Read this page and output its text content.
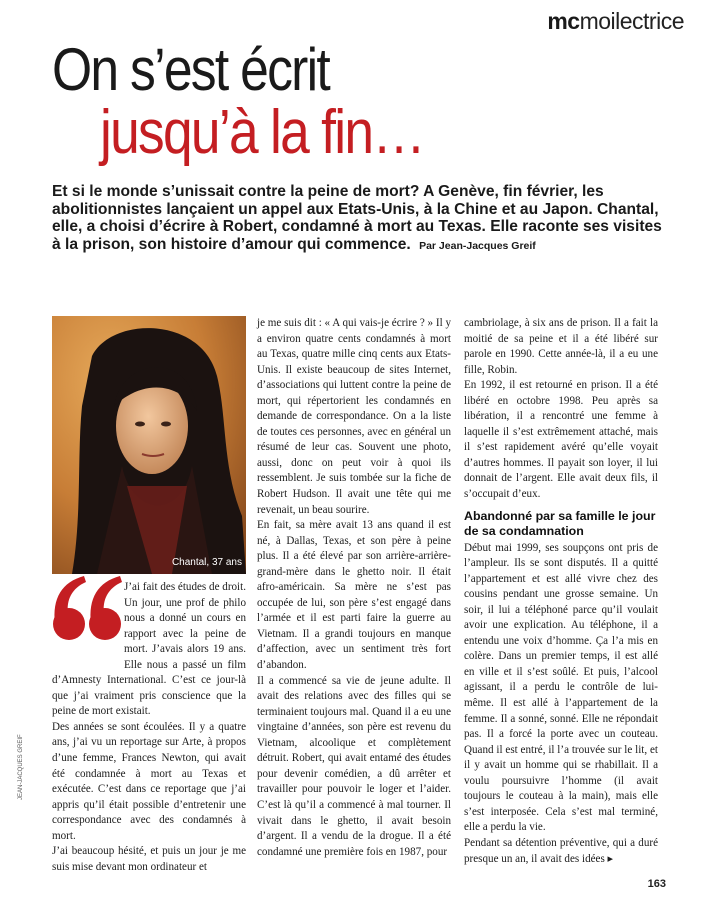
mcmoilectrice
On s’est écrit
jusqu’à la fin…
Et si le monde s’unissait contre la peine de mort? A Genève, fin février, les abolitionnistes lançaient un appel aux Etats-Unis, à la Chine et au Japon. Chantal, elle, a choisi d’écrire à Robert, condamné à mort au Texas. Elle raconte ses visites à la prison, son histoire d’amour qui commence. Par Jean-Jacques Greif
Chantal, 37 ans
JEAN-JACQUES GREIF

J’ai fait des études de droit. Un jour, une prof de philo nous a donné un cours en rapport avec la peine de mort. J’avais alors 19 ans. Elle nous a passé un film d’Amnesty International. C’est ce jour-là que j’ai vraiment pris conscience que la peine de mort existait.

Des années se sont écoulées. Il y a quatre ans, j’ai vu un reportage sur Arte, à propos d’une femme, Frances Newton, qui avait été condamnée à mort au Texas et exécutée. C’est dans ce reportage que j’ai appris qu’il était possible d’entretenir une correspondance avec des condamnés à mort.

J’ai beaucoup hésité, et puis un jour je me suis mise devant mon ordinateur et

je me suis dit : « A qui vais-je écrire ? » Il y a environ quatre cents condamnés à mort au Texas, quatre mille cinq cents aux Etats-Unis. Il existe beaucoup de sites Internet, d’associations qui luttent contre la peine de mort, qui répertorient les condamnés en demande de correspondance. On a la liste de toutes ces personnes, avec en général un résumé de leur cas. Souvent une photo, aussi, donc on peut voir à quoi ils ressemblent. Je suis tombée sur la fiche de Robert Hudson. Il avait une tête qui me revenait, un beau sourire.

En fait, sa mère avait 13 ans quand il est né, à Dallas, Texas, et son père à peine plus. Il a été élevé par son arrière-arrière-grand-mère dans le ghetto noir. Il était afro-américain. Sa mère ne s’est pas occupée de lui, son père s’est engagé dans l’armée et il est parti faire la guerre au Vietnam. Il a grandi toujours en manque d’affection, avec un sentiment très fort d’abandon.

Il a commencé sa vie de jeune adulte. Il avait des relations avec des filles qui se terminaient toujours mal. Quand il a eu une vingtaine d’années, son père est revenu du Vietnam, alcoolique et complètement détruit. Robert, qui avait entamé des études pour devenir comédien, a dû arrêter et travailler pour pouvoir le loger et l’aider. C’est là qu’il a commencé à mal tourner. Il vivait dans le ghetto, il avait besoin d’argent. Il a vendu de la drogue. Il a été condamné une première fois en 1987, pour

cambriolage, à six ans de prison. Il a fait la moitié de sa peine et il a été libéré sur parole en 1990. Cette année-là, il a eu une fille, Robin.

En 1992, il est retourné en prison. Il a été libéré en octobre 1998. Peu après sa libération, il a rencontré une femme à laquelle il s’est extrêmement attaché, mais il s’est rapidement avéré qu’elle voyait d’autres hommes. Il payait son loyer, il lui donnait de l’argent. Elle avait deux fils, il s’occupait d’eux.

Abandonné par sa famille le jour de sa condamnation

Début mai 1999, ses soupçons ont pris de l’ampleur. Ils se sont disputés. Il a quitté l’appartement et est allé vivre chez des cousins pendant une grosse semaine. Un soir, il lui a téléphoné parce qu’il voulait avoir une explication. Au téléphone, il a entendu une voix d’homme. Ça l’a mis en colère. Dans un premier temps, il est allé en ville et il s’est soûlé. Et puis, l’alcool agissant, il a perdu le contrôle de lui-même. Il est allé à l’appartement de la femme. Il a sonné, sonné. Elle ne répondait pas. Il a forcé la porte avec un couteau. Quand il est entré, il l’a trouvée sur le lit, et il y avait un homme qui se rhabillait. Il a voulu poursuivre l’homme (il avait toujours le couteau à la main), mais elle s’est interposée. Cela s’est mal terminé, elle a perdu la vie.

Pendant sa détention préventive, qui a duré presque un an, il avait des idées ▸

163
